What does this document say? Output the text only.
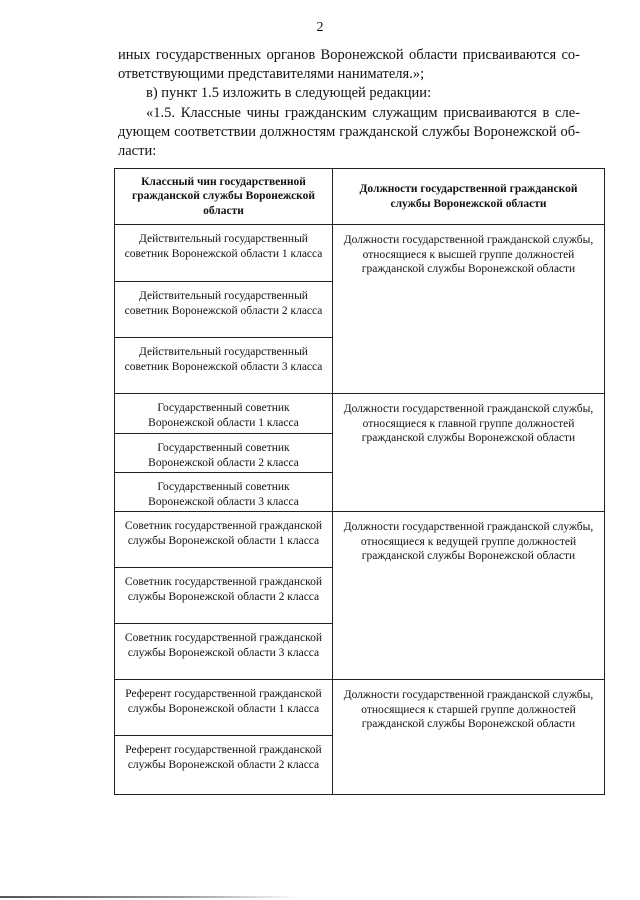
2

иных государственных органов Воронежской области присваиваются со-ответствующими представителями нанимателя.»;

в) пункт 1.5 изложить в следующей редакции:

«1.5. Классные чины гражданским служащим присваиваются в сле-дующем соответствии должностям гражданской службы Воронежской об-ласти:

Классный чин государственной гражданской службы Воронежской области	Должности государственной гражданской службы Воронежской области
Действительный государственный советник Воронежской области 1 класса	Должности государственной гражданской службы, относящиеся к высшей группе должностей гражданской службы Воронежской области
Действительный государственный советник Воронежской области 2 класса	
Действительный государственный советник Воронежской области 3 класса	
Государственный советник Воронежской области 1 класса	Должности государственной гражданской службы, относящиеся к главной группе должностей гражданской службы Воронежской области
Государственный советник Воронежской области 2 класса	
Государственный советник Воронежской области 3 класса	
Советник государственной гражданской службы Воронежской области 1 класса	Должности государственной гражданской службы, относящиеся к ведущей группе должностей гражданской службы Воронежской области
Советник государственной гражданской службы Воронежской области 2 класса	
Советник государственной гражданской службы Воронежской области 3 класса	
Референт государственной гражданской службы Воронежской области 1 класса	Должности государственной гражданской службы, относящиеся к старшей группе должностей гражданской службы Воронежской области
Референт государственной гражданской службы Воронежской области 2 класса	
